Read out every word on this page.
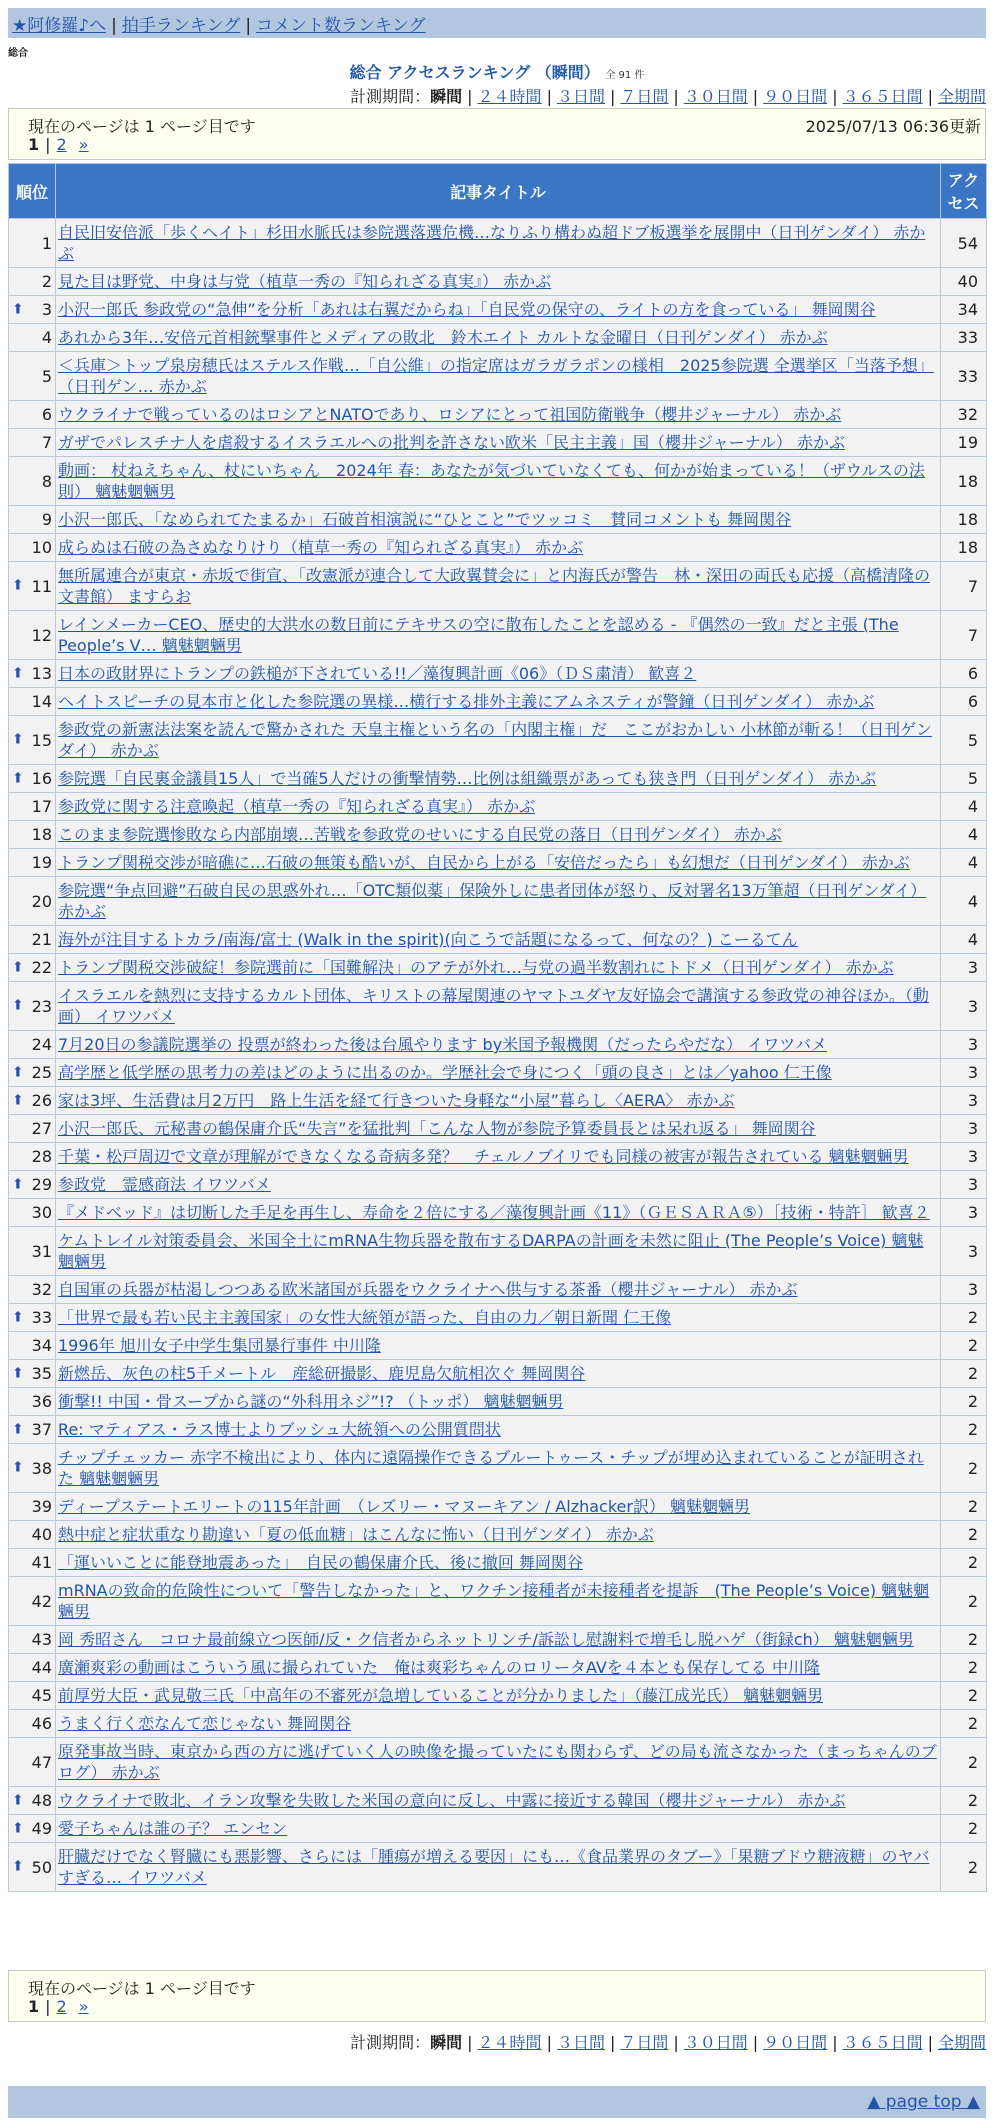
★阿修羅♪へ | 拍手ランキング | コメント数ランキング
総合
総合 アクセスランキング （瞬間） 全 91 件
計測期間：瞬間 | ２４時間 | ３日間 | ７日間 | ３０日間 | ９０日間 | ３６５日間 | 全期間
現在のページは 1 ページ目です	2025/07/13 06:36更新
1 | 2 »
順位	記事タイトル	アクセス
1	自民旧安倍派「歩くヘイト」杉田水脈氏は参院選落選危機…なりふり構わぬ超ドブ板選挙を展開中（日刊ゲンダイ） 赤かぶ	54
2	見た目は野党、中身は与党（植草一秀の『知られざる真実』） 赤かぶ	40

⬆ 3	小沢一郎氏 参政党の“急伸”を分析「あれは右翼だからね」「自民党の保守の、ライトの方を食っている」 舞岡関谷	34
4	あれから3年…安倍元首相銃撃事件とメディアの敗北　鈴木エイト カルトな金曜日（日刊ゲンダイ） 赤かぶ	33
5	＜兵庫＞トップ泉房穂氏はステルス作戦…「自公維」の指定席はガラガラポンの様相　2025参院選 全選挙区「当落予想」（日刊ゲン… 赤かぶ	33
6	ウクライナで戦っているのはロシアとNATOであり、ロシアにとって祖国防衛戦争（櫻井ジャーナル） 赤かぶ	32
7	ガザでパレスチナ人を虐殺するイスラエルへの批判を許さない欧米「民主主義」国（櫻井ジャーナル） 赤かぶ	19
8	動画： 杖ねえちゃん、杖にいちゃん　2024年 春：あなたが気づいていなくても、何かが始まっている！（ザウルスの法則） 魑魅魍魎男	18
9	小沢一郎氏、「なめられてたまるか」石破首相演説に“ひとこと”でツッコミ　賛同コメントも 舞岡関谷	18
10	成らぬは石破の為さぬなりけり（植草一秀の『知られざる真実』） 赤かぶ	18

⬆ 11	無所属連合が東京・赤坂で街宣、「改憲派が連合して大政翼賛会に」と内海氏が警告　林・深田の両氏も応援（高橋清隆の文書館） ますらお	7
12	レインメーカーCEO、歴史的大洪水の数日前にテキサスの空に散布したことを認める - 『偶然の一致』だと主張 (The People’s V… 魑魅魍魎男	7

⬆ 13	日本の政財界にトランプの鉄槌が下されている!!／藻復興計画《06》（ＤＳ粛清） 歓喜２	6
14	ヘイトスピーチの見本市と化した参院選の異様…横行する排外主義にアムネスティが警鐘（日刊ゲンダイ） 赤かぶ	6

⬆ 15	参政党の新憲法法案を読んで驚かされた 天皇主権という名の「内閣主権」だ　ここがおかしい 小林節が斬る！（日刊ゲンダイ） 赤かぶ	5

⬆ 16	参院選「自民裏金議員15人」で当確5人だけの衝撃情勢…比例は組織票があっても狭き門（日刊ゲンダイ） 赤かぶ	5
17	参政党に関する注意喚起（植草一秀の『知られざる真実』） 赤かぶ	4
18	このまま参院選惨敗なら内部崩壊…苦戦を参政党のせいにする自民党の落日（日刊ゲンダイ） 赤かぶ	4
19	トランプ関税交渉が暗礁に…石破の無策も酷いが、自民から上がる「安倍だったら」も幻想だ（日刊ゲンダイ） 赤かぶ	4
20	参院選“争点回避”石破自民の思惑外れ…「OTC類似薬」保険外しに患者団体が怒り、反対署名13万筆超（日刊ゲンダイ） 赤かぶ	4
21	海外が注目するトカラ/南海/富士 (Walk in the spirit)(向こうで話題になるって、何なの？) こーるてん	4

⬆ 22	トランプ関税交渉破綻！参院選前に「国難解決」のアテが外れ…与党の過半数割れにトドメ（日刊ゲンダイ） 赤かぶ	3

⬆ 23	イスラエルを熱烈に支持するカルト団体、キリストの幕屋関連のヤマトユダヤ友好協会で講演する参政党の神谷ほか。（動画） イワツバメ	3
24	7月20日の参議院選挙の 投票が終わった後は台風やります by米国予報機関（だったらやだな） イワツバメ	3

⬆ 25	高学歴と低学歴の思考力の差はどのように出るのか。学歴社会で身につく「頭の良さ」とは／yahoo 仁王像	3

⬆ 26	家は3坪、生活費は月2万円　路上生活を経て行きついた身軽な“小屋”暮らし〈AERA〉 赤かぶ	3
27	小沢一郎氏、元秘書の鶴保庸介氏“失言”を猛批判「こんな人物が参院予算委員長とは呆れ返る」 舞岡関谷	3
28	千葉・松戸周辺で文章が理解ができなくなる奇病多発？　チェルノブイリでも同様の被害が報告されている 魑魅魍魎男	3

⬆ 29	参政党　霊感商法 イワツバメ	3
30	『メドベッド』は切断した手足を再生し、寿命を２倍にする／藻復興計画《11》（ＧＥＳＡＲＡ⑤）［技術・特許］ 歓喜２	3
31	ケムトレイル対策委員会、米国全土にmRNA生物兵器を散布するDARPAの計画を未然に阻止 (The People’s Voice) 魑魅魍魎男	3
32	自国軍の兵器が枯渇しつつある欧米諸国が兵器をウクライナへ供与する茶番（櫻井ジャーナル） 赤かぶ	3

⬆ 33	「世界で最も若い民主主義国家」の女性大統領が語った、自由の力／朝日新聞 仁王像	2
34	1996年 旭川女子中学生集団暴行事件 中川隆	2

⬆ 35	新燃岳、灰色の柱5千メートル　産総研撮影、鹿児島欠航相次ぐ 舞岡関谷	2
36	衝撃!! 中国・骨スープから謎の“外科用ネジ”!? （トッポ） 魑魅魍魎男	2

⬆ 37	Re: マティアス・ラス博士よりブッシュ大統領への公開質問状	2

⬆ 38	チップチェッカー 赤字不検出により、体内に遠隔操作できるブルートゥース・チップが埋め込まれていることが証明された 魑魅魍魎男	2
39	ディープステートエリートの115年計画　（レズリー・マヌーキアン / Alzhacker訳） 魑魅魍魎男	2
40	熱中症と症状重なり勘違い「夏の低血糖」はこんなに怖い（日刊ゲンダイ） 赤かぶ	2
41	「運いいことに能登地震あった」　自民の鶴保庸介氏、後に撤回 舞岡関谷	2
42	mRNAの致命的危険性について「警告しなかった」と、ワクチン接種者が未接種者を提訴　(The People’s Voice) 魑魅魍魎男	2
43	岡 秀昭さん　コロナ最前線立つ医師/反・ク信者からネットリンチ/訴訟し慰謝料で増毛し脱ハゲ（街録ch） 魑魅魍魎男	2
44	廣瀬爽彩の動画はこういう風に撮られていた　俺は爽彩ちゃんのロリータAVを４本とも保存してる 中川隆	2
45	前厚労大臣・武見敬三氏「中高年の不審死が急増していることが分かりました」（藤江成光氏） 魑魅魍魎男	2
46	うまく行く恋なんて恋じゃない 舞岡関谷	2
47	原発事故当時、東京から西の方に逃げていく人の映像を撮っていたにも関わらず、どの局も流さなかった（まっちゃんのブログ） 赤かぶ	2

⬆ 48	ウクライナで敗北、イラン攻撃を失敗した米国の意向に反し、中露に接近する韓国（櫻井ジャーナル） 赤かぶ	2

⬆ 49	愛子ちゃんは誰の子？ エンセン	2

⬆ 50	肝臓だけでなく腎臓にも悪影響、さらには「腫瘍が増える要因」にも…《食品業界のタブー》「果糖ブドウ糖液糖」のヤバすぎる… イワツバメ	2
現在のページは 1 ページ目です
1 | 2 »
計測期間：瞬間 | ２４時間 | ３日間 | ７日間 | ３０日間 | ９０日間 | ３６５日間 | 全期間
▲ page top ▲
